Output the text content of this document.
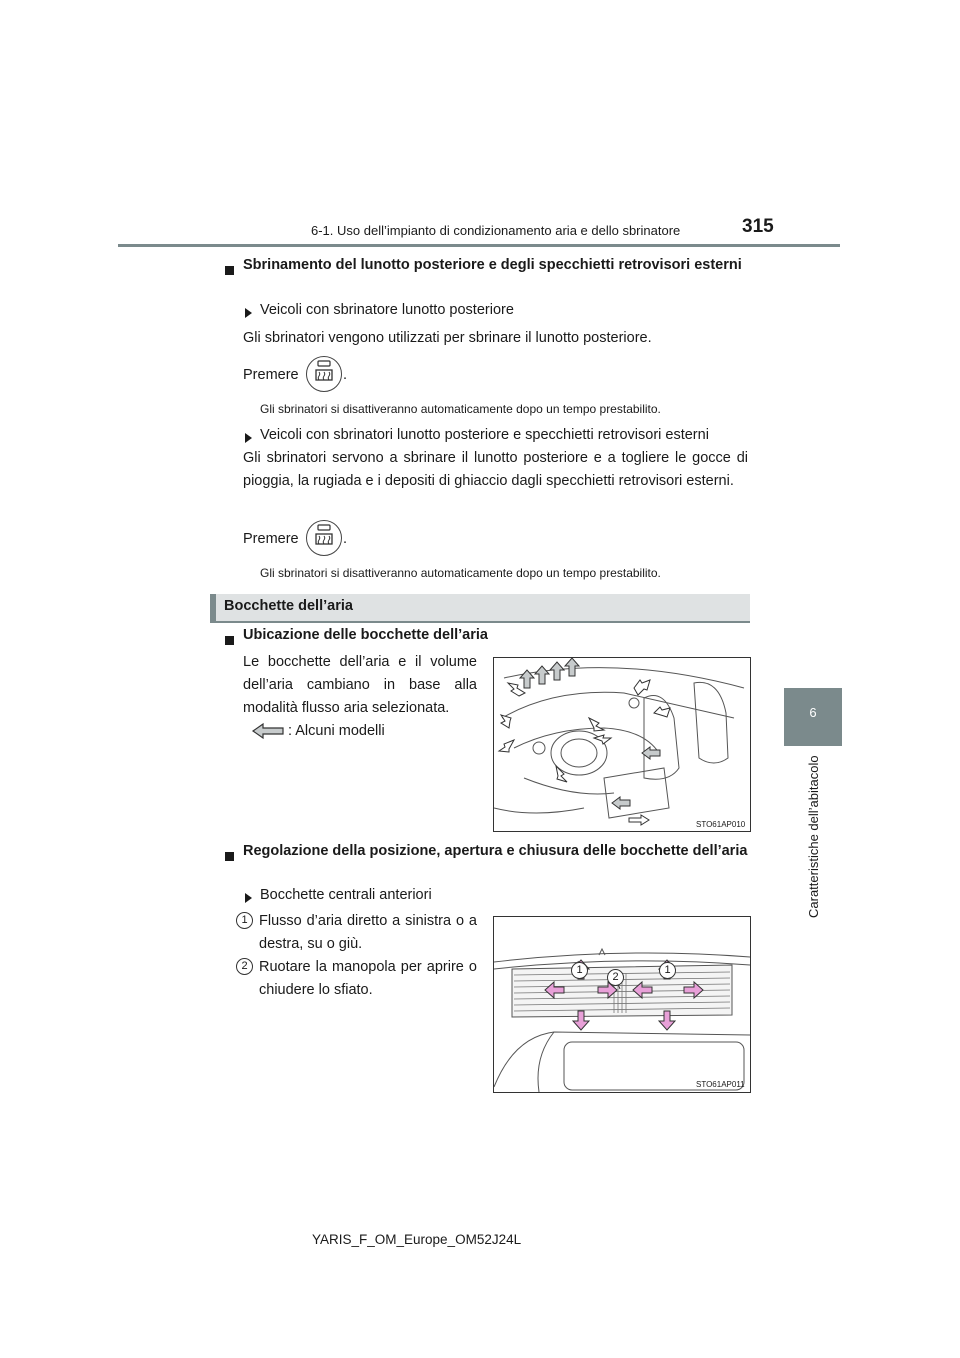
6-1. Uso dell’impianto di condizionamento aria e dello sbrinatore	315
6
Caratteristiche dell’abitacolo
Sbrinamento del lunotto posteriore e degli specchietti retrovisori esterni
Veicoli con sbrinatore lunotto posteriore
Gli sbrinatori vengono utilizzati per sbrinare il lunotto posteriore.
Premere	.
Gli sbrinatori si disattiveranno automaticamente dopo un tempo prestabilito.
Veicoli con sbrinatori lunotto posteriore e specchietti retrovisori esterni
Gli sbrinatori servono a sbrinare il lunotto posteriore e a togliere le gocce di pioggia, la rugiada e i depositi di ghiaccio dagli specchietti retrovisori esterni.
Premere	.
Gli sbrinatori si disattiveranno automaticamente dopo un tempo prestabilito.
Bocchette dell’aria
Ubicazione delle bocchette dell’aria
Le bocchette dell’aria e il volume dell’aria cambiano in base alla modalità flusso aria selezionata.
: Alcuni modelli
STO61AP010
Regolazione della posizione, apertura e chiusura delle bocchette dell’aria
Bocchette centrali anteriori
1 Flusso d’aria diretto a sinistra o a destra, su o giù.
2 Ruotare la manopola per aprire o chiudere lo sfiato.
1
2
1
STO61AP011
YARIS_F_OM_Europe_OM52J24L
